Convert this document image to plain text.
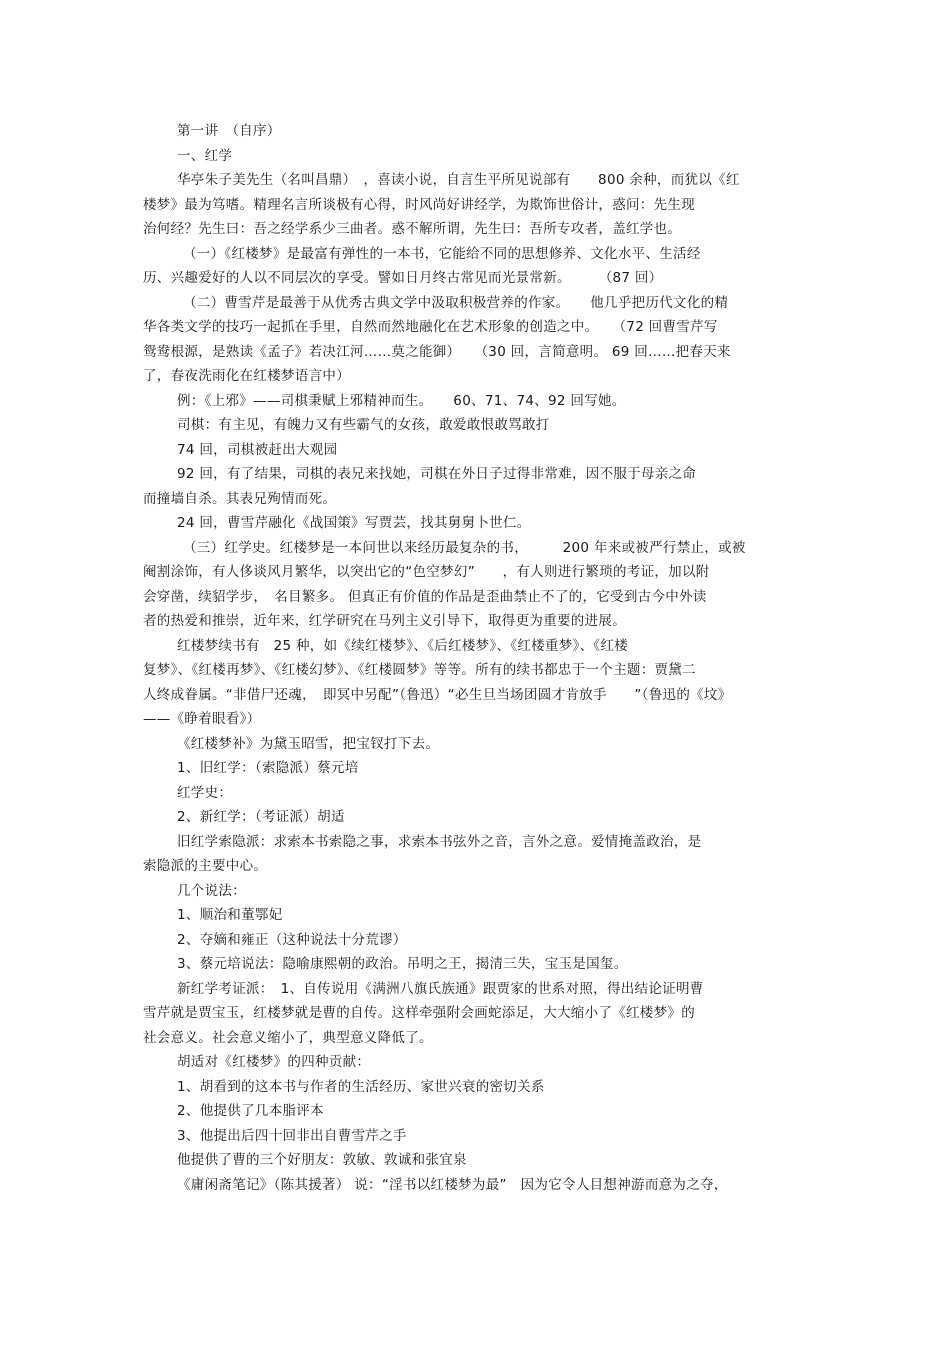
第一讲　（自序）
一、红学
华亭朱子美先生（名叫昌鼎）　，喜读小说，自言生平所见说部有　　800 余种，而犹以《红
楼梦》最为笃嗜。精理名言所谈极有心得，时风尚好讲经学，为欺饰世俗计，惑问：先生现
治何经？先生曰：吾之经学系少三曲者。惑不解所谓，先生曰：吾所专攻者，盖红学也。
（一）《红楼梦》是最富有弹性的一本书，它能给不同的思想修养、文化水平、生活经
历、兴趣爱好的人以不同层次的享受。譬如日月终古常见而光景常新。　　　（87 回）
（二）曹雪芹是最善于从优秀古典文学中汲取积极营养的作家。　　他几乎把历代文化的精
华各类文学的技巧一起抓在手里，自然而然地融化在艺术形象的创造之中。　　（72 回曹雪芹写
鸳鸯根源，是熟读《孟子》若决江河……莫之能御）　　（30 回，言简意明。 69 回……把春天来
了，春夜洗雨化在红楼梦语言中）
例：《上邪》——司棋秉赋上邪精神而生。　　60、71、74、92 回写她。
司棋：有主见，有魄力又有些霸气的女孩，敢爱敢恨敢骂敢打
74 回，司棋被赶出大观园
92 回，有了结果，司棋的表兄来找她，司棋在外日子过得非常难，因不服于母亲之命
而撞墙自杀。其表兄殉情而死。
24 回，曹雪芹融化《战国策》写贾芸，找其舅舅卜世仁。
（三）红学史。红楼梦是一本问世以来经历最复杂的书，　　　200 年来或被严行禁止，或被
阉割涂饰，有人侈谈风月繁华，以突出它的“色空梦幻”　　，有人则进行繁琐的考证，加以附
会穿凿，续貂学步，　名目繁多。 但真正有价值的作品是歪曲禁止不了的，它受到古今中外读
者的热爱和推崇，近年来，红学研究在马列主义引导下，取得更为重要的进展。
红楼梦续书有　25 种，如《续红楼梦》、《后红楼梦》、《红楼重梦》、《红楼
复梦》、《红楼再梦》、《红楼幻梦》、《红楼圆梦》等等。所有的续书都忠于一个主题：贾黛二
人终成眷属。“非借尸还魂，　即冥中另配”（鲁迅）“必生旦当场团圆才肯放手　　”（鲁迅的《坟》
——《睁着眼看》）
《红楼梦补》为黛玉昭雪，把宝钗打下去。
1、旧红学：（索隐派）蔡元培
红学史：
2、新红学：（考证派）胡适
旧红学索隐派：求索本书索隐之事，求索本书弦外之音，言外之意。爱情掩盖政治，是
索隐派的主要中心。
几个说法：
1、顺治和董鄂妃
2、夺嫡和雍正（这种说法十分荒谬）
3、蔡元培说法：隐喻康熙朝的政治。吊明之王，揭清三失，宝玉是国玺。
新红学考证派：　1、自传说用《满洲八旗氏族通》跟贾家的世系对照，得出结论证明曹
雪芹就是贾宝玉，红楼梦就是曹的自传。这样牵强附会画蛇添足，大大缩小了《红楼梦》的
社会意义。社会意义缩小了，典型意义降低了。
胡适对《红楼梦》的四种贡献：
1、胡看到的这本书与作者的生活经历、家世兴衰的密切关系
2、他提供了几本脂评本
3、他提出后四十回非出自曹雪芹之手
他提供了曹的三个好朋友：敦敏、敦诚和张宜泉
《庸闲斋笔记》（陈其援著） 说：“淫书以红楼梦为最”　因为它令人目想神游而意为之夺，
